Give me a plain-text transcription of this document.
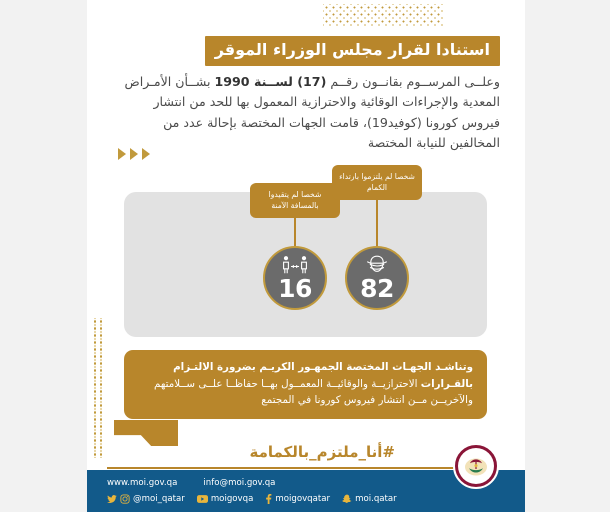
استنادا لقرار مجلس الوزراء الموقر
وعلــى المرســوم بقانــون رقــم (17) لســنة 1990 بشــأن الأمـراض المعدية والإجراءات الوقائية والاحترازية المعمول بها للحد من انتشار فيروس كورونا (كوفيد19)، قامت الجهات المختصة بإحالة عدد من المخالفين للنيابة المختصة
شخصا لم يتقيدوا بالمسافة الآمنة
16
شخصا لم يلتزموا بارتداء الكمام
82
وتناشـد الجهـات المختصة الجمهـور الكريـم بضرورة الالتـزام بالقـرارات الاحترازيــة والوقائيــة المعمــول بهــا حفاظــا علــى ســلامتهم والآخريــن مــن انتشار فيروس كورونا في المجتمع
#أنا_ملتزم_بالكمامة
www.moi.gov.qa	info@moi.gov.qa
@moi_qatar	moigovqa	moigovqatar	moi.qatar
